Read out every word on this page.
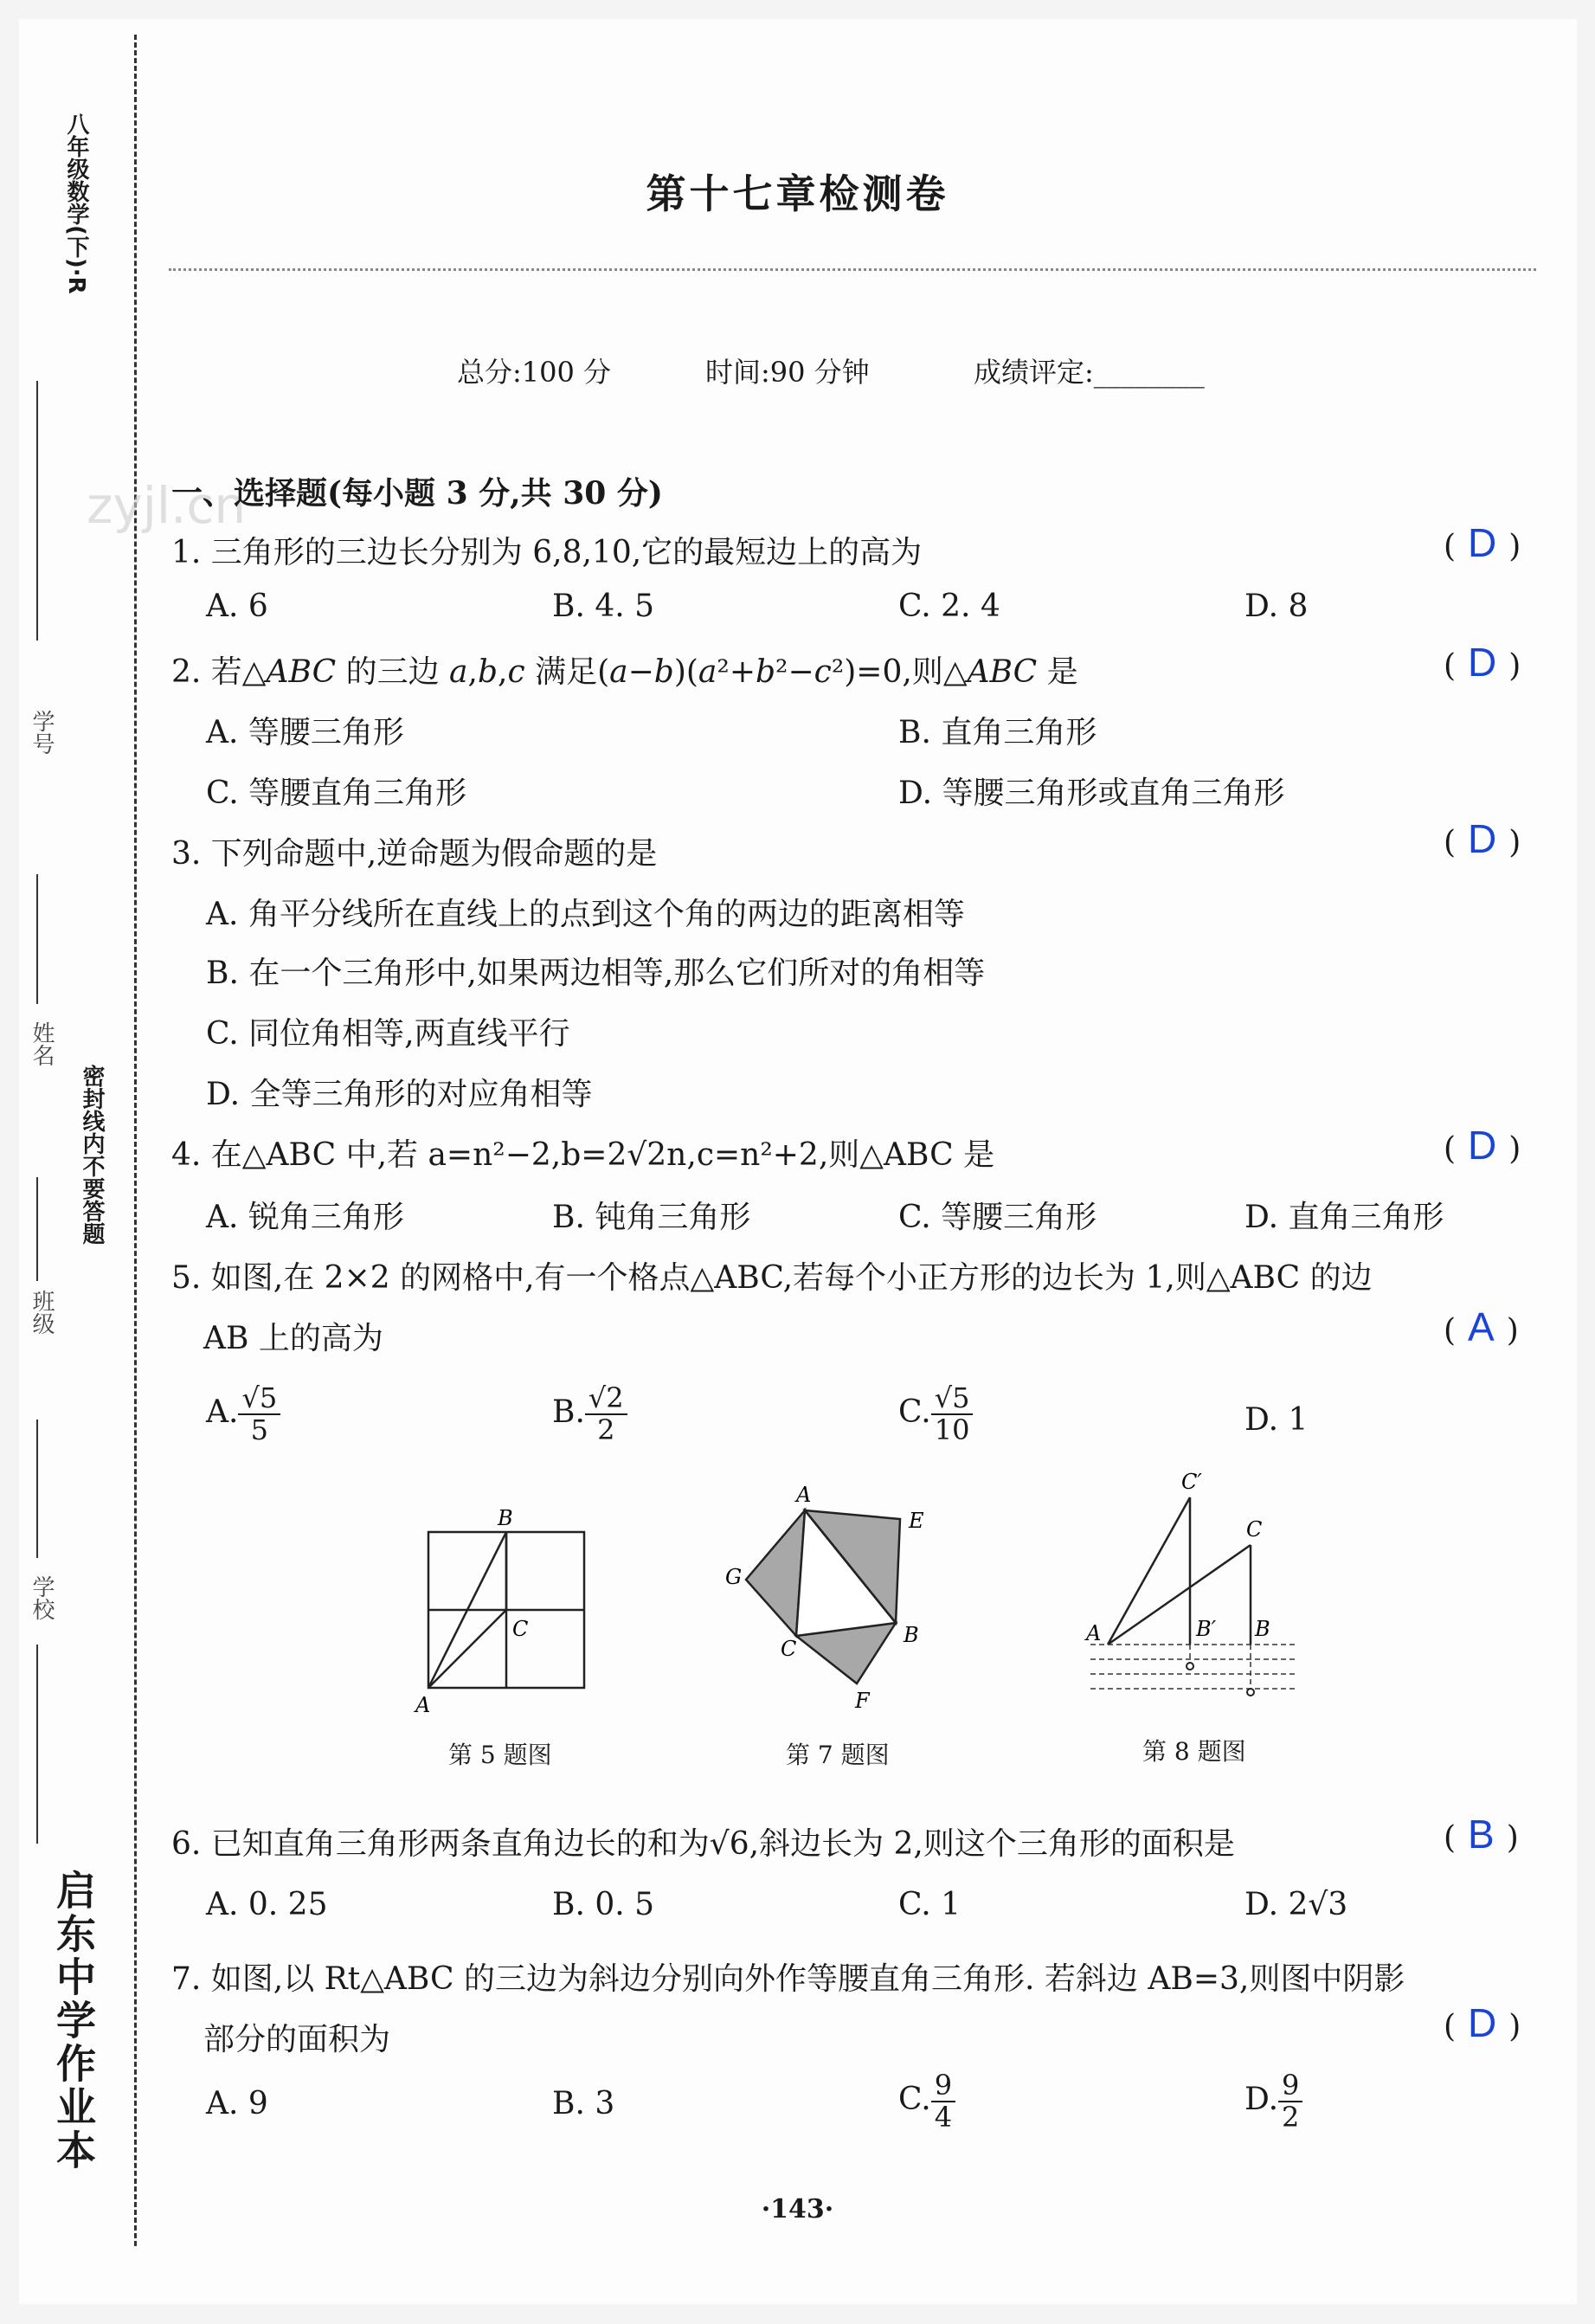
八年级数学(下)·R
学号
姓名
密封线内不要答题
班级
学校
启东中学作业本
第十七章检测卷
总分:100 分	时间:90 分钟	成绩评定:________
zyjl.cn
一、选择题(每小题 3 分,共 30 分)
1. 三角形的三边长分别为 6,8,10,它的最短边上的高为	( D )
A. 6	B. 4. 5	C. 2. 4	D. 8
2. 若△ABC 的三边 a,b,c 满足(a−b)(a²+b²−c²)=0,则△ABC 是	( D )
A. 等腰三角形	B. 直角三角形
C. 等腰直角三角形	D. 等腰三角形或直角三角形
3. 下列命题中,逆命题为假命题的是	( D )
A. 角平分线所在直线上的点到这个角的两边的距离相等
B. 在一个三角形中,如果两边相等,那么它们所对的角相等
C. 同位角相等,两直线平行
D. 全等三角形的对应角相等
4. 在△ABC 中,若 a=n²−2,b=2√2n,c=n²+2,则△ABC 是	( D )
A. 锐角三角形	B. 钝角三角形	C. 等腰三角形	D. 直角三角形
5. 如图,在 2×2 的网格中,有一个格点△ABC,若每个小正方形的边长为 1,则△ABC 的边
AB 上的高为	( A )
A. $\frac{√5}{5}$	B. $\frac{√2}{2}$	C. $\frac{√5}{10}$	D. 1
B
C
A
第 5 题图
A
E
G
C
B
F
第 7 题图
C′
C
A	B′ B
第 8 题图
6. 已知直角三角形两条直角边长的和为√6,斜边长为 2,则这个三角形的面积是	( B )
A. 0. 25	B. 0. 5	C. 1	D. 2√3
7. 如图,以 Rt△ABC 的三边为斜边分别向外作等腰直角三角形. 若斜边 AB=3,则图中阴影
部分的面积为	( D )
A. 9	B. 3	C. $\frac{9}{4}$	D. $\frac{9}{2}$
·143·
